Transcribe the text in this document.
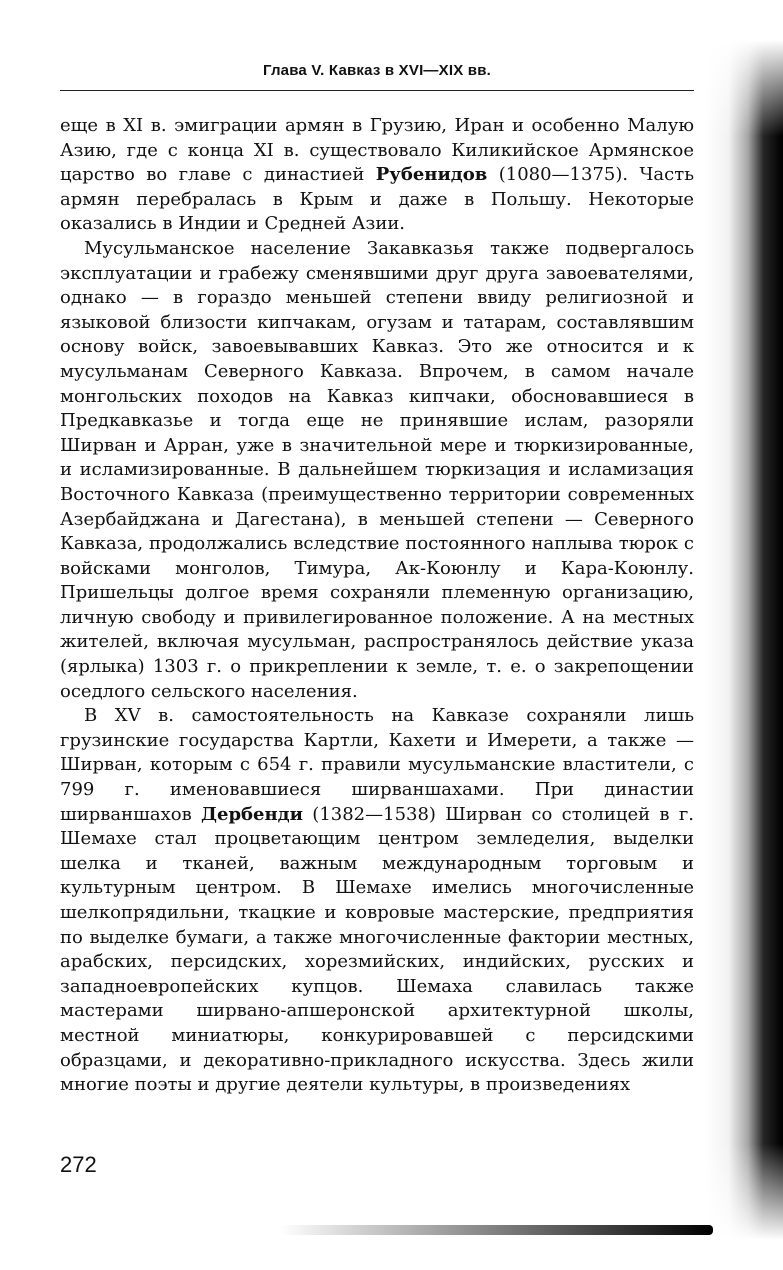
Глава V. Кавказ в XVI—XIX вв.

еще в XI в. эмиграции армян в Грузию, Иран и особенно Малую Азию, где с конца XI в. существовало Киликийское Армянское царство во главе с династией Рубенидов (1080—1375). Часть армян перебралась в Крым и даже в Польшу. Некоторые оказались в Индии и Средней Азии.

Мусульманское население Закавказья также подвергалось эксплуатации и грабежу сменявшими друг друга завоевателями, однако — в гораздо меньшей степени ввиду религиозной и языковой близости кипчакам, огузам и татарам, составлявшим основу войск, завоевывавших Кавказ. Это же относится и к мусульманам Северного Кавказа. Впрочем, в самом начале монгольских походов на Кавказ кипчаки, обосновавшиеся в Предкавказье и тогда еще не принявшие ислам, разоряли Ширван и Арран, уже в значительной мере и тюркизированные, и исламизированные. В дальнейшем тюркизация и исламизация Восточного Кавказа (преимущественно территории современных Азербайджана и Дагестана), в меньшей степени — Северного Кавказа, продолжались вследствие постоянного наплыва тюрок с войсками монголов, Тимура, Ак-Коюнлу и Кара-Коюнлу. Пришельцы долгое время сохраняли племенную организацию, личную свободу и привилегированное положение. А на местных жителей, включая мусульман, распространялось действие указа (ярлыка) 1303 г. о прикреплении к земле, т. е. о закрепощении оседлого сельского населения.

В XV в. самостоятельность на Кавказе сохраняли лишь грузинские государства Картли, Кахети и Имерети, а также — Ширван, которым с 654 г. правили мусульманские властители, с 799 г. именовавшиеся ширваншахами. При династии ширваншахов Дербенди (1382—1538) Ширван со столицей в г. Шемахе стал процветающим центром земледелия, выделки шелка и тканей, важным международным торговым и культурным центром. В Шемахе имелись многочисленные шелкопрядильни, ткацкие и ковровые мастерские, предприятия по выделке бумаги, а также многочисленные фактории местных, арабских, персидских, хорезмийских, индийских, русских и западноевропейских купцов. Шемаха славилась также мастерами ширвано-апшеронской архитектурной школы, местной миниатюры, конкурировавшей с персидскими образцами, и декоративно-прикладного искусства. Здесь жили многие поэты и другие деятели культуры, в произведениях

272
